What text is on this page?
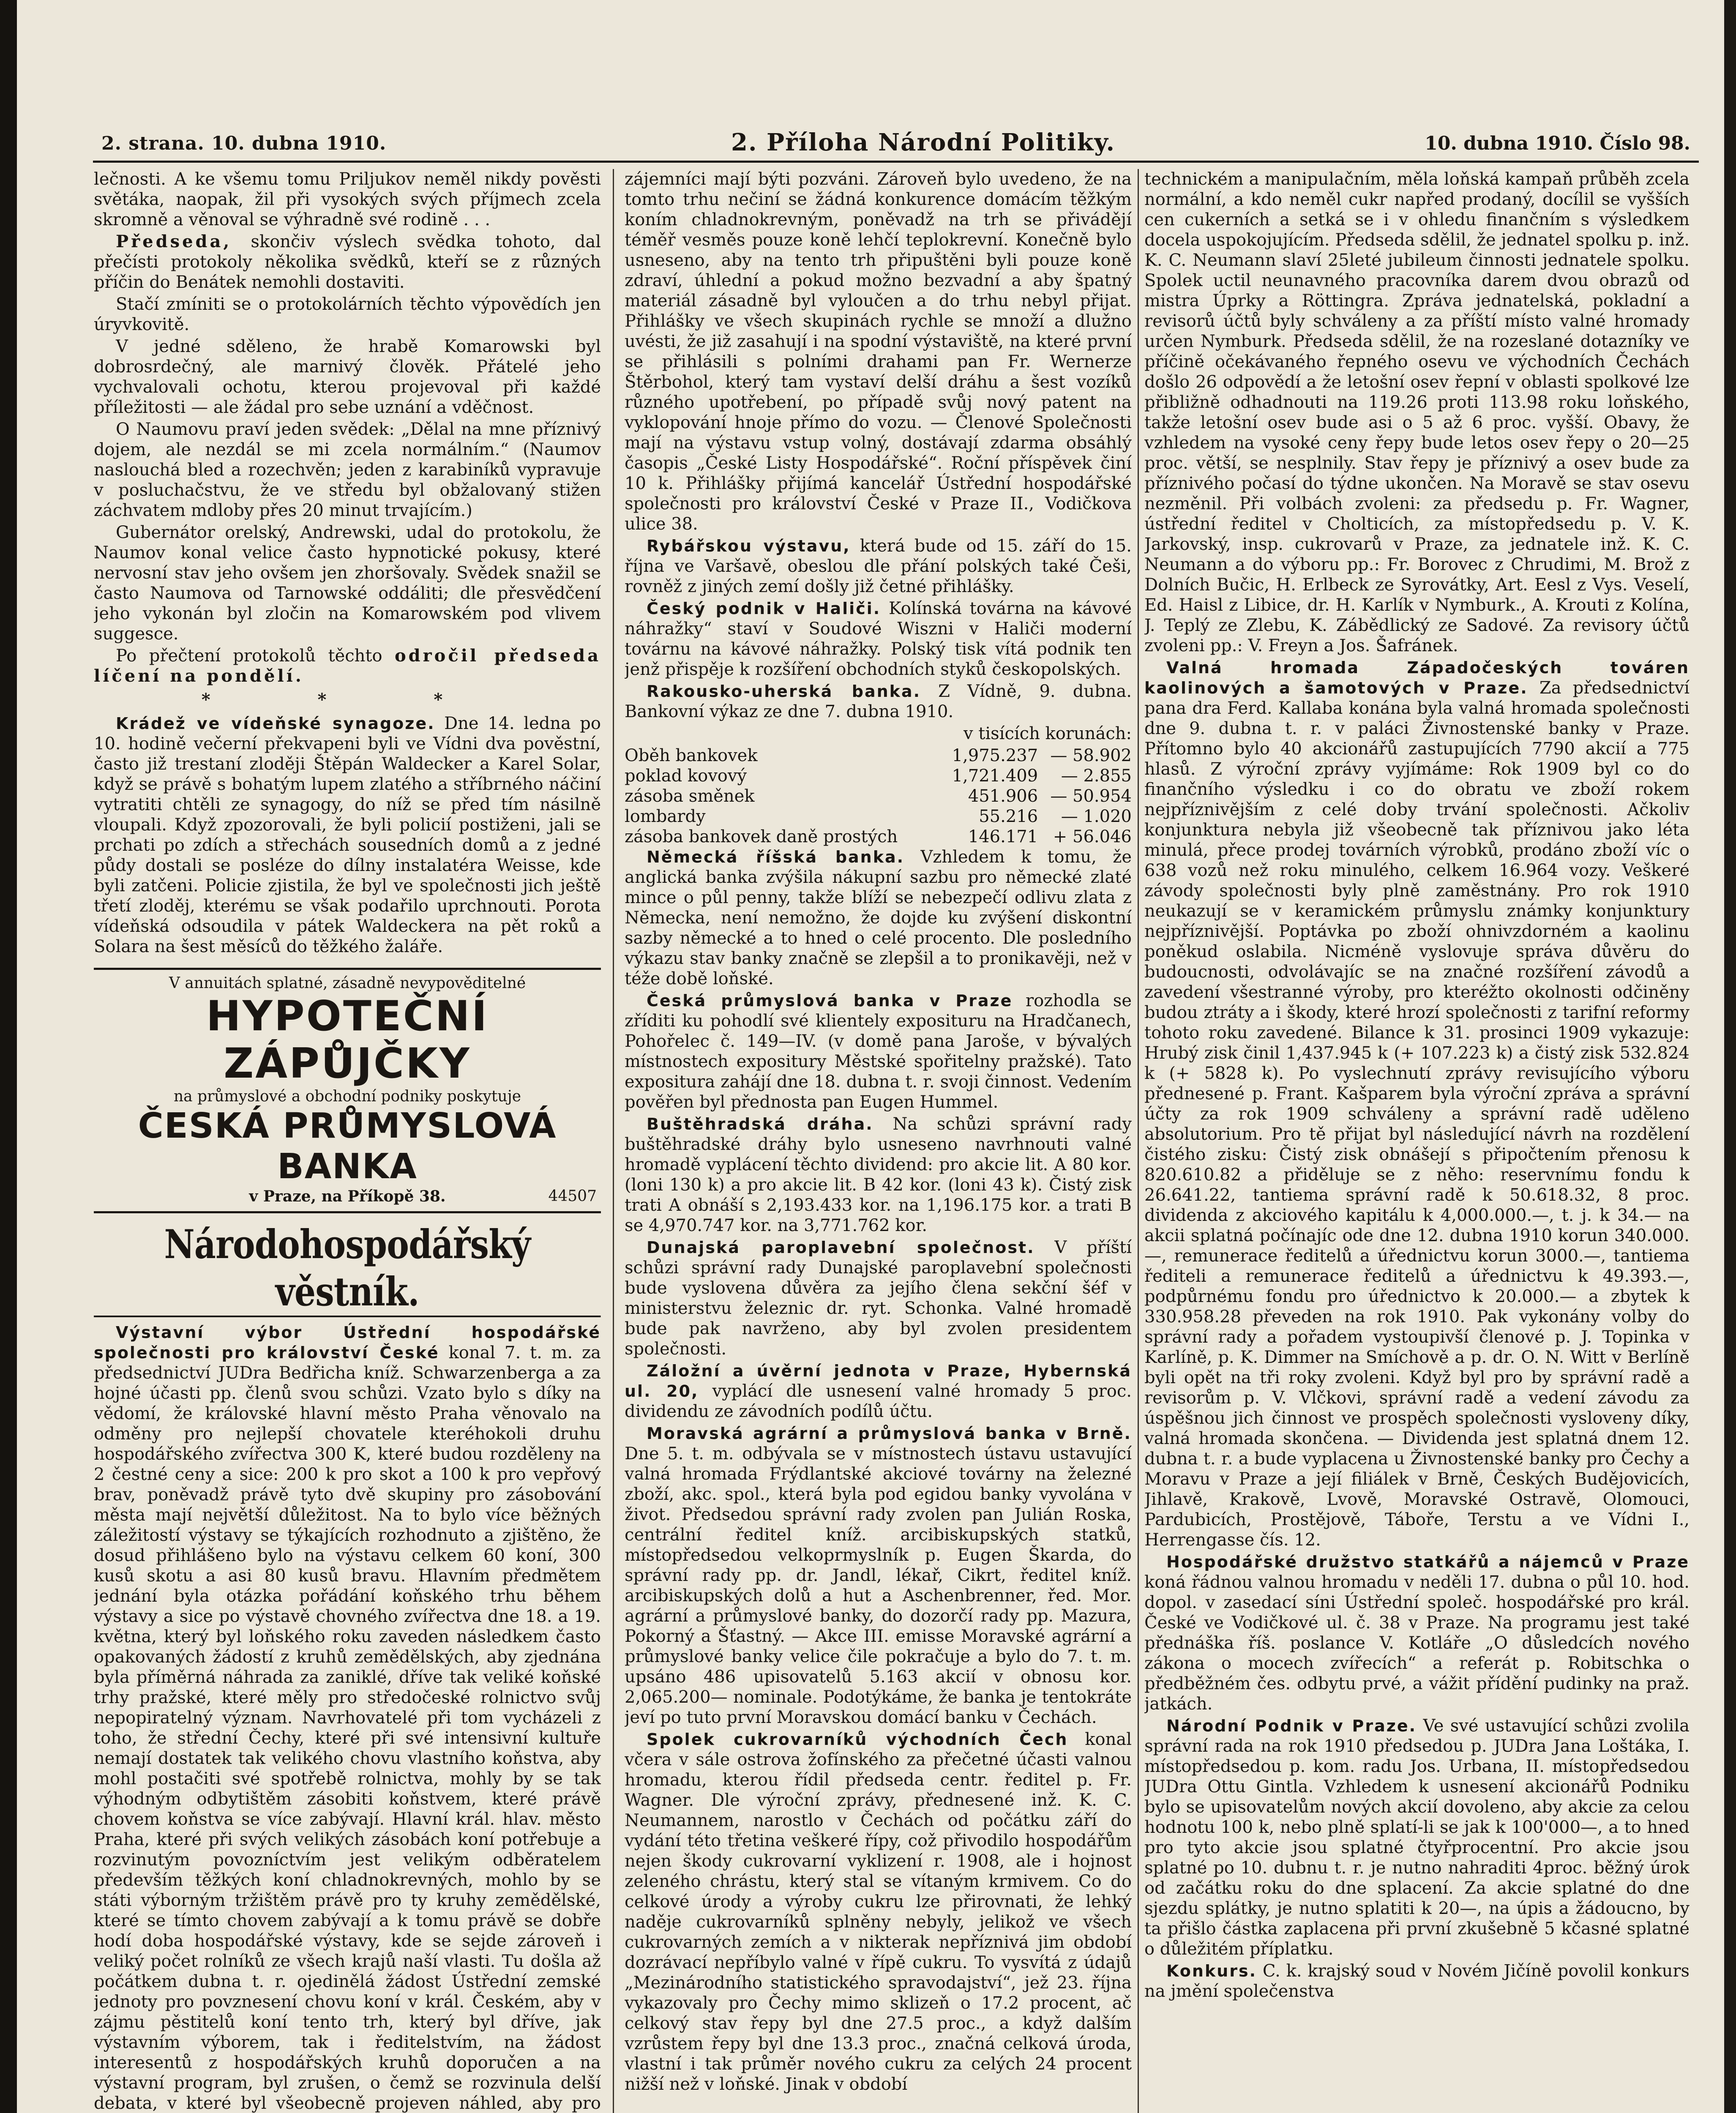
2. strana. 10. dubna 1910.	2. Příloha Národní Politiky.	10. dubna 1910. Číslo 98.

lečnosti. A ke všemu tomu Priljukov neměl nikdy pověsti světáka, naopak, žil při vysokých svých příjmech zcela skromně a věnoval se výhradně své rodině . . .

Předseda, skončiv výslech svědka tohoto, dal přečísti protokoly několika svědků, kteří se z různých příčin do Benátek nemohli dostaviti.

Stačí zmíniti se o protokolárních těchto výpovědích jen úryvkovitě.

V jedné sděleno, že hrabě Komarowski byl dobrosrdečný, ale marnivý člověk. Přátelé jeho vychvalovali ochotu, kterou projevoval při každé příležitosti — ale žádal pro sebe uznání a vděčnost.

O Naumovu praví jeden svědek: „Dělal na mne příznivý dojem, ale nezdál se mi zcela normálním.“ (Naumov naslouchá bled a rozechvěn; jeden z karabiníků vypravuje v posluchačstvu, že ve středu byl obžalovaný stižen záchvatem mdloby přes 20 minut trvajícím.)

Gubernátor orelský, Andrewski, udal do protokolu, že Naumov konal velice často hypnotické pokusy, které nervosní stav jeho ovšem jen zhoršovaly. Svědek snažil se často Naumova od Tarnowské oddáliti; dle přesvědčení jeho vykonán byl zločin na Komarowském pod vlivem suggesce.

Po přečtení protokolů těchto odročil předseda líčení na pondělí.

* * *

Krádež ve vídeňské synagoze. Dne 14. ledna po 10. hodině večerní překvapeni byli ve Vídni dva pověstní, často již trestaní zloději Štěpán Waldecker a Karel Solar, když se právě s bohatým lupem zlatého a stříbrného náčiní vytratiti chtěli ze synagogy, do níž se před tím násilně vloupali. Když zpozorovali, že byli policií postiženi, jali se prchati po zdích a střechách sousedních domů a z jedné půdy dostali se posléze do dílny instalatéra Weisse, kde byli zatčeni. Policie zjistila, že byl ve společnosti jich ještě třetí zloděj, kterému se však podařilo uprchnouti. Porota vídeňská odsoudila v pátek Waldeckera na pět roků a Solara na šest měsíců do těžkého žaláře.

V annuitách splatné, zásadně nevypověditelné
HYPOTEČNÍ ZÁPŮJČKY
na průmyslové a obchodní podniky poskytuje
ČESKÁ PRŮMYSLOVÁ BANKA
v Praze, na Příkopě 38.	44507
Národohospodářský věstník.

Výstavní výbor Ústřední hospodářské společnosti pro království České konal 7. t. m. za předsednictví JUDra Bedřicha kníž. Schwarzenberga a za hojné účasti pp. členů svou schůzi. Vzato bylo s díky na vědomí, že královské hlavní město Praha věnovalo na odměny pro nejlepší chovatele kteréhokoli druhu hospodářského zvířectva 300 K, které budou rozděleny na 2 čestné ceny a sice: 200 k pro skot a 100 k pro vepřový brav, poněvadž právě tyto dvě skupiny pro zásobování města mají největší důležitost. Na to bylo více běžných záležitostí výstavy se týkajících rozhodnuto a zjištěno, že dosud přihlášeno bylo na výstavu celkem 60 koní, 300 kusů skotu a asi 80 kusů bravu. Hlavním předmětem jednání byla otázka pořádání koňského trhu během výstavy a sice po výstavě chovného zvířectva dne 18. a 19. května, který byl loňského roku zaveden následkem často opakovaných žádostí z kruhů zemědělských, aby zjednána byla příměrná náhrada za zaniklé, dříve tak veliké koňské trhy pražské, které měly pro středočeské rolnictvo svůj nepopiratelný význam. Navrhovatelé při tom vycházeli z toho, že střední Čechy, které při své intensivní kultuře nemají dostatek tak velikého chovu vlastního koňstva, aby mohl postačiti své spotřebě rolnictva, mohly by se tak výhodným odbytištěm zásobiti koňstvem, které právě chovem koňstva se více zabývají. Hlavní král. hlav. město Praha, které při svých velikých zásobách koní potřebuje a rozvinutým povozníctvím jest velikým odběratelem především těžkých koní chladnokrevných, mohlo by se státi výborným tržištěm právě pro ty kruhy zemědělské, které se tímto chovem zabývají a k tomu právě se dobře hodí doba hospodářské výstavy, kde se sejde zároveň i veliký počet rolníků ze všech krajů naší vlasti. Tu došla až počátkem dubna t. r. ojedinělá žádost Ústřední zemské jednoty pro povznesení chovu koní v král. Českém, aby v zájmu pěstitelů koní tento trh, který byl dříve, jak výstavním výborem, tak i ředitelstvím, na žádost interesentů z hospodářských kruhů doporučen a na výstavní program, byl zrušen, o čemž se rozvinula delší debata, v které byl všeobecně projeven náhled, aby pro

zájemníci mají býti pozváni. Zároveň bylo uvedeno, že na tomto trhu nečiní se žádná konkurence domácím těžkým koním chladnokrevným, poněvadž na trh se přivádějí téměř vesměs pouze koně lehčí teplokrevní. Konečně bylo usneseno, aby na tento trh připuštěni byli pouze koně zdraví, úhlední a pokud možno bezvadní a aby špatný materiál zásadně byl vyloučen a do trhu nebyl přijat. Přihlášky ve všech skupinách rychle se množí a dlužno uvésti, že již zasahují i na spodní výstaviště, na které první se přihlásili s polními drahami pan Fr. Wernerze Štěrbohol, který tam vystaví delší dráhu a šest vozíků různého upotřebení, po případě svůj nový patent na vyklopování hnoje přímo do vozu. — Členové Společnosti mají na výstavu vstup volný, dostávají zdarma obsáhlý časopis „České Listy Hospodářské“. Roční příspěvek činí 10 k. Přihlášky přijímá kancelář Ústřední hospodářské společnosti pro království České v Praze II., Vodičkova ulice 38.

Rybářskou výstavu, která bude od 15. září do 15. října ve Varšavě, obeslou dle přání polských také Češi, rovněž z jiných zemí došly již četné přihlášky.

Český podnik v Haliči. Kolínská továrna na kávové náhražky“ staví v Soudové Wiszni v Haliči moderní továrnu na kávové náhražky. Polský tisk vítá podnik ten jenž přispěje k rozšíření obchodních styků českopolských.

Rakousko-uherská banka. Z Vídně, 9. dubna. Bankovní výkaz ze dne 7. dubna 1910.

v tisících korunách:

Oběh bankovek	1,975.237	— 58.902
poklad kovový	1,721.409	— 2.855
zásoba směnek	451.906	— 50.954
lombardy	55.216	— 1.020
zásoba bankovek daně prostých	146.171	+ 56.046

Německá říšská banka. Vzhledem k tomu, že anglická banka zvýšila nákupní sazbu pro německé zlaté mince o půl penny, takže blíží se nebezpečí odlivu zlata z Německa, není nemožno, že dojde ku zvýšení diskontní sazby německé a to hned o celé procento. Dle posledního výkazu stav banky značně se zlepšil a to pronikavěji, než v téže době loňské.

Česká průmyslová banka v Praze rozhodla se zříditi ku pohodlí své klientely exposituru na Hradčanech, Pohořelec č. 149—IV. (v domě pana Jaroše, v bývalých místnostech expositury Městské spořitelny pražské). Tato expositura zahájí dne 18. dubna t. r. svoji činnost. Vedením pověřen byl přednosta pan Eugen Hummel.

Buštěhradská dráha. Na schůzi správní rady buštěhradské dráhy bylo usneseno navrhnouti valné hromadě vyplácení těchto dividend: pro akcie lit. A 80 kor. (loni 130 k) a pro akcie lit. B 42 kor. (loni 43 k). Čistý zisk trati A obnáší s 2,193.433 kor. na 1,196.175 kor. a trati B se 4,970.747 kor. na 3,771.762 kor.

Dunajská paroplavební společnost. V příští schůzi správní rady Dunajské paroplavební společnosti bude vyslovena důvěra za jejího člena sekční šéf v ministerstvu železnic dr. ryt. Schonka. Valné hromadě bude pak navrženo, aby byl zvolen presidentem společnosti.

Záložní a úvěrní jednota v Praze, Hybernská ul. 20, vyplácí dle usnesení valné hromady 5 proc. dividendu ze závodních podílů účtu.

Moravská agrární a průmyslová banka v Brně. Dne 5. t. m. odbývala se v místnostech ústavu ustavující valná hromada Frýdlantské akciové továrny na železné zboží, akc. spol., která byla pod egidou banky vyvolána v život. Předsedou správní rady zvolen pan Julián Roska, centrální ředitel kníž. arcibiskupských statků, místopředsedou velkoprmyslník p. Eugen Škarda, do správní rady pp. dr. Jandl, lékař, Cikrt, ředitel kníž. arcibiskupských dolů a hut a Aschenbrenner, řed. Mor. agrární a průmyslové banky, do dozorčí rady pp. Mazura, Pokorný a Šťastný. — Akce III. emisse Moravské agrární a průmyslové banky velice čile pokračuje a bylo do 7. t. m. upsáno 486 upisovatelů 5.163 akcií v obnosu kor. 2,065.200— nominale. Podotýkáme, že banka je tentokráte jeví po tuto první Moravskou domácí banku v Čechách.

Spolek cukrovarníků východních Čech konal včera v sále ostrova žofínského za přečetné účasti valnou hromadu, kterou řídil předseda centr. ředitel p. Fr. Wagner. Dle výroční zprávy, přednesené inž. K. C. Neumannem, narostlo v Čechách od počátku září do vydání této třetina veškeré řípy, což přivodilo hospodářům nejen škody cukrovarní vyklizení r. 1908, ale i hojnost zeleného chrástu, který stal se vítaným krmivem. Co do celkové úrody a výroby cukru lze přirovnati, že lehký naděje cukrovarníků splněny nebyly, jelikož ve všech cukrovarných zemích a v nikterak nepříznivá jim období dozrávací nepříbylo valné v řípě cukru. To vysvítá z údajů „Mezinárodního statistického spravodajství“, jež 23. října vykazovaly pro Čechy mimo sklizeň o 17.2 procent, ač celkový stav řepy byl dne 27.5 proc., a když dalším vzrůstem řepy byl dne 13.3 proc., značná celková úroda, vlastní i tak průměr nového cukru za celých 24 procent nižší než v loňské. Jinak v období

technickém a manipulačním, měla loňská kampaň průběh zcela normální, a kdo neměl cukr napřed prodaný, docílil se vyšších cen cukerních a setká se i v ohledu finančním s výsledkem docela uspokojujícím. Předseda sdělil, že jednatel spolku p. inž. K. C. Neumann slaví 25leté jubileum činnosti jednatele spolku. Spolek uctil neunavného pracovníka darem dvou obrazů od mistra Úprky a Röttingra. Zpráva jednatelská, pokladní a revisorů účtů byly schváleny a za příští místo valné hromady určen Nymburk. Předseda sdělil, že na rozeslané dotazníky ve příčině očekávaného řepného osevu ve východních Čechách došlo 26 odpovědí a že letošní osev řepní v oblasti spolkové lze přibližně odhadnouti na 119.26 proti 113.98 roku loňského, takže letošní osev bude asi o 5 až 6 proc. vyšší. Obavy, že vzhledem na vysoké ceny řepy bude letos osev řepy o 20—25 proc. větší, se nesplnily. Stav řepy je příznivý a osev bude za příznivého počasí do týdne ukončen. Na Moravě se stav osevu nezměnil. Při volbách zvoleni: za předsedu p. Fr. Wagner, ústřední ředitel v Cholticích, za místopředsedu p. V. K. Jarkovský, insp. cukrovarů v Praze, za jednatele inž. K. C. Neumann a do výboru pp.: Fr. Borovec z Chrudimi, M. Brož z Dolních Bučic, H. Erlbeck ze Syrovátky, Art. Eesl z Vys. Veselí, Ed. Haisl z Libice, dr. H. Karlík v Nymburk., A. Krouti z Kolína, J. Teplý ze Zlebu, K. Zábědlický ze Sadové. Za revisory účtů zvoleni pp.: V. Freyn a Jos. Šafránek.

Valná hromada Západočeských továren kaolinových a šamotových v Praze. Za předsednictví pana dra Ferd. Kallaba konána byla valná hromada společnosti dne 9. dubna t. r. v paláci Živnostenské banky v Praze. Přítomno bylo 40 akcionářů zastupujících 7790 akcií a 775 hlasů. Z výroční zprávy vyjímáme: Rok 1909 byl co do finančního výsledku i co do obratu ve zboží rokem nejpříznivějším z celé doby trvání společnosti. Ačkoliv konjunktura nebyla již všeobecně tak příznivou jako léta minulá, přece prodej továrních výrobků, prodáno zboží víc o 638 vozů než roku minulého, celkem 16.964 vozy. Veškeré závody společnosti byly plně zaměstnány. Pro rok 1910 neukazují se v keramickém průmyslu známky konjunktury nejpříznivější. Poptávka po zboží ohnivzdorném a kaolinu poněkud oslabila. Nicméně vyslovuje správa důvěru do budoucnosti, odvolávajíc se na značné rozšíření závodů a zavedení všestranné výroby, pro kteréžto okolnosti odčiněny budou ztráty a i škody, které hrozí společnosti z tarifní reformy tohoto roku zavedené. Bilance k 31. prosinci 1909 vykazuje: Hrubý zisk činil 1,437.945 k (+ 107.223 k) a čistý zisk 532.824 k (+ 5828 k). Po vyslechnutí zprávy revisujícího výboru přednesené p. Frant. Kašparem byla výroční zpráva a správní účty za rok 1909 schváleny a správní radě uděleno absolutorium. Pro tě přijat byl následující návrh na rozdělení čistého zisku: Čistý zisk obnášejí s připočtením přenosu k 820.610.82 a přiděluje se z něho: reservnímu fondu k 26.641.22, tantiema správní radě k 50.618.32, 8 proc. dividenda z akciového kapitálu k 4,000.000.—, t. j. k 34.— na akcii splatná počínajíc ode dne 12. dubna 1910 korun 340.000.—, remunerace ředitelů a úřednictvu korun 3000.—, tantiema řediteli a remunerace ředitelů a úřednictvu k 49.393.—, podpůrnému fondu pro úřednictvo k 20.000.— a zbytek k 330.958.28 převeden na rok 1910. Pak vykonány volby do správní rady a pořadem vystoupivší členové p. J. Topinka v Karlíně, p. K. Dimmer na Smíchově a p. dr. O. N. Witt v Berlíně byli opět na tři roky zvoleni. Když byl pro by správní radě a revisorům p. V. Vlčkovi, správní radě a vedení závodu za úspěšnou jich činnost ve prospěch společnosti vysloveny díky, valná hromada skončena. — Dividenda jest splatná dnem 12. dubna t. r. a bude vyplacena u Živnostenské banky pro Čechy a Moravu v Praze a její filiálek v Brně, Českých Budějovicích, Jihlavě, Krakově, Lvově, Moravské Ostravě, Olomouci, Pardubicích, Prostějově, Táboře, Terstu a ve Vídni I., Herrengasse čís. 12.

Hospodářské družstvo statkářů a nájemců v Praze koná řádnou valnou hromadu v neděli 17. dubna o půl 10. hod. dopol. v zasedací síni Ústřední společ. hospodářské pro král. České ve Vodičkové ul. č. 38 v Praze. Na programu jest také přednáška říš. poslance V. Kotláře „O důsledcích nového zákona o mocech zvířecích“ a referát p. Robitschka o předběžném čes. odbytu prvé, a vážit přídění pudinky na praž. jatkách.

Národní Podnik v Praze. Ve své ustavující schůzi zvolila správní rada na rok 1910 předsedou p. JUDra Jana Loštáka, I. místopředsedou p. kom. radu Jos. Urbana, II. místopředsedou JUDra Ottu Gintla. Vzhledem k usnesení akcionářů Podniku bylo se upisovatelům nových akcií dovoleno, aby akcie za celou hodnotu 100 k, nebo plně splatí-li se jak k 100'000—, a to hned pro tyto akcie jsou splatné čtyřprocentní. Pro akcie jsou splatné po 10. dubnu t. r. je nutno nahraditi 4proc. běžný úrok od začátku roku do dne splacení. Za akcie splatné do dne sjezdu splátky, je nutno splatiti k 20—, na úpis a žádoucno, by ta přišlo částka zaplacena při první zkušebně 5 kčasné splatné o důležitém příplatku.

Konkurs. C. k. krajský soud v Novém Jičíně povolil konkurs na jmění společenstva
